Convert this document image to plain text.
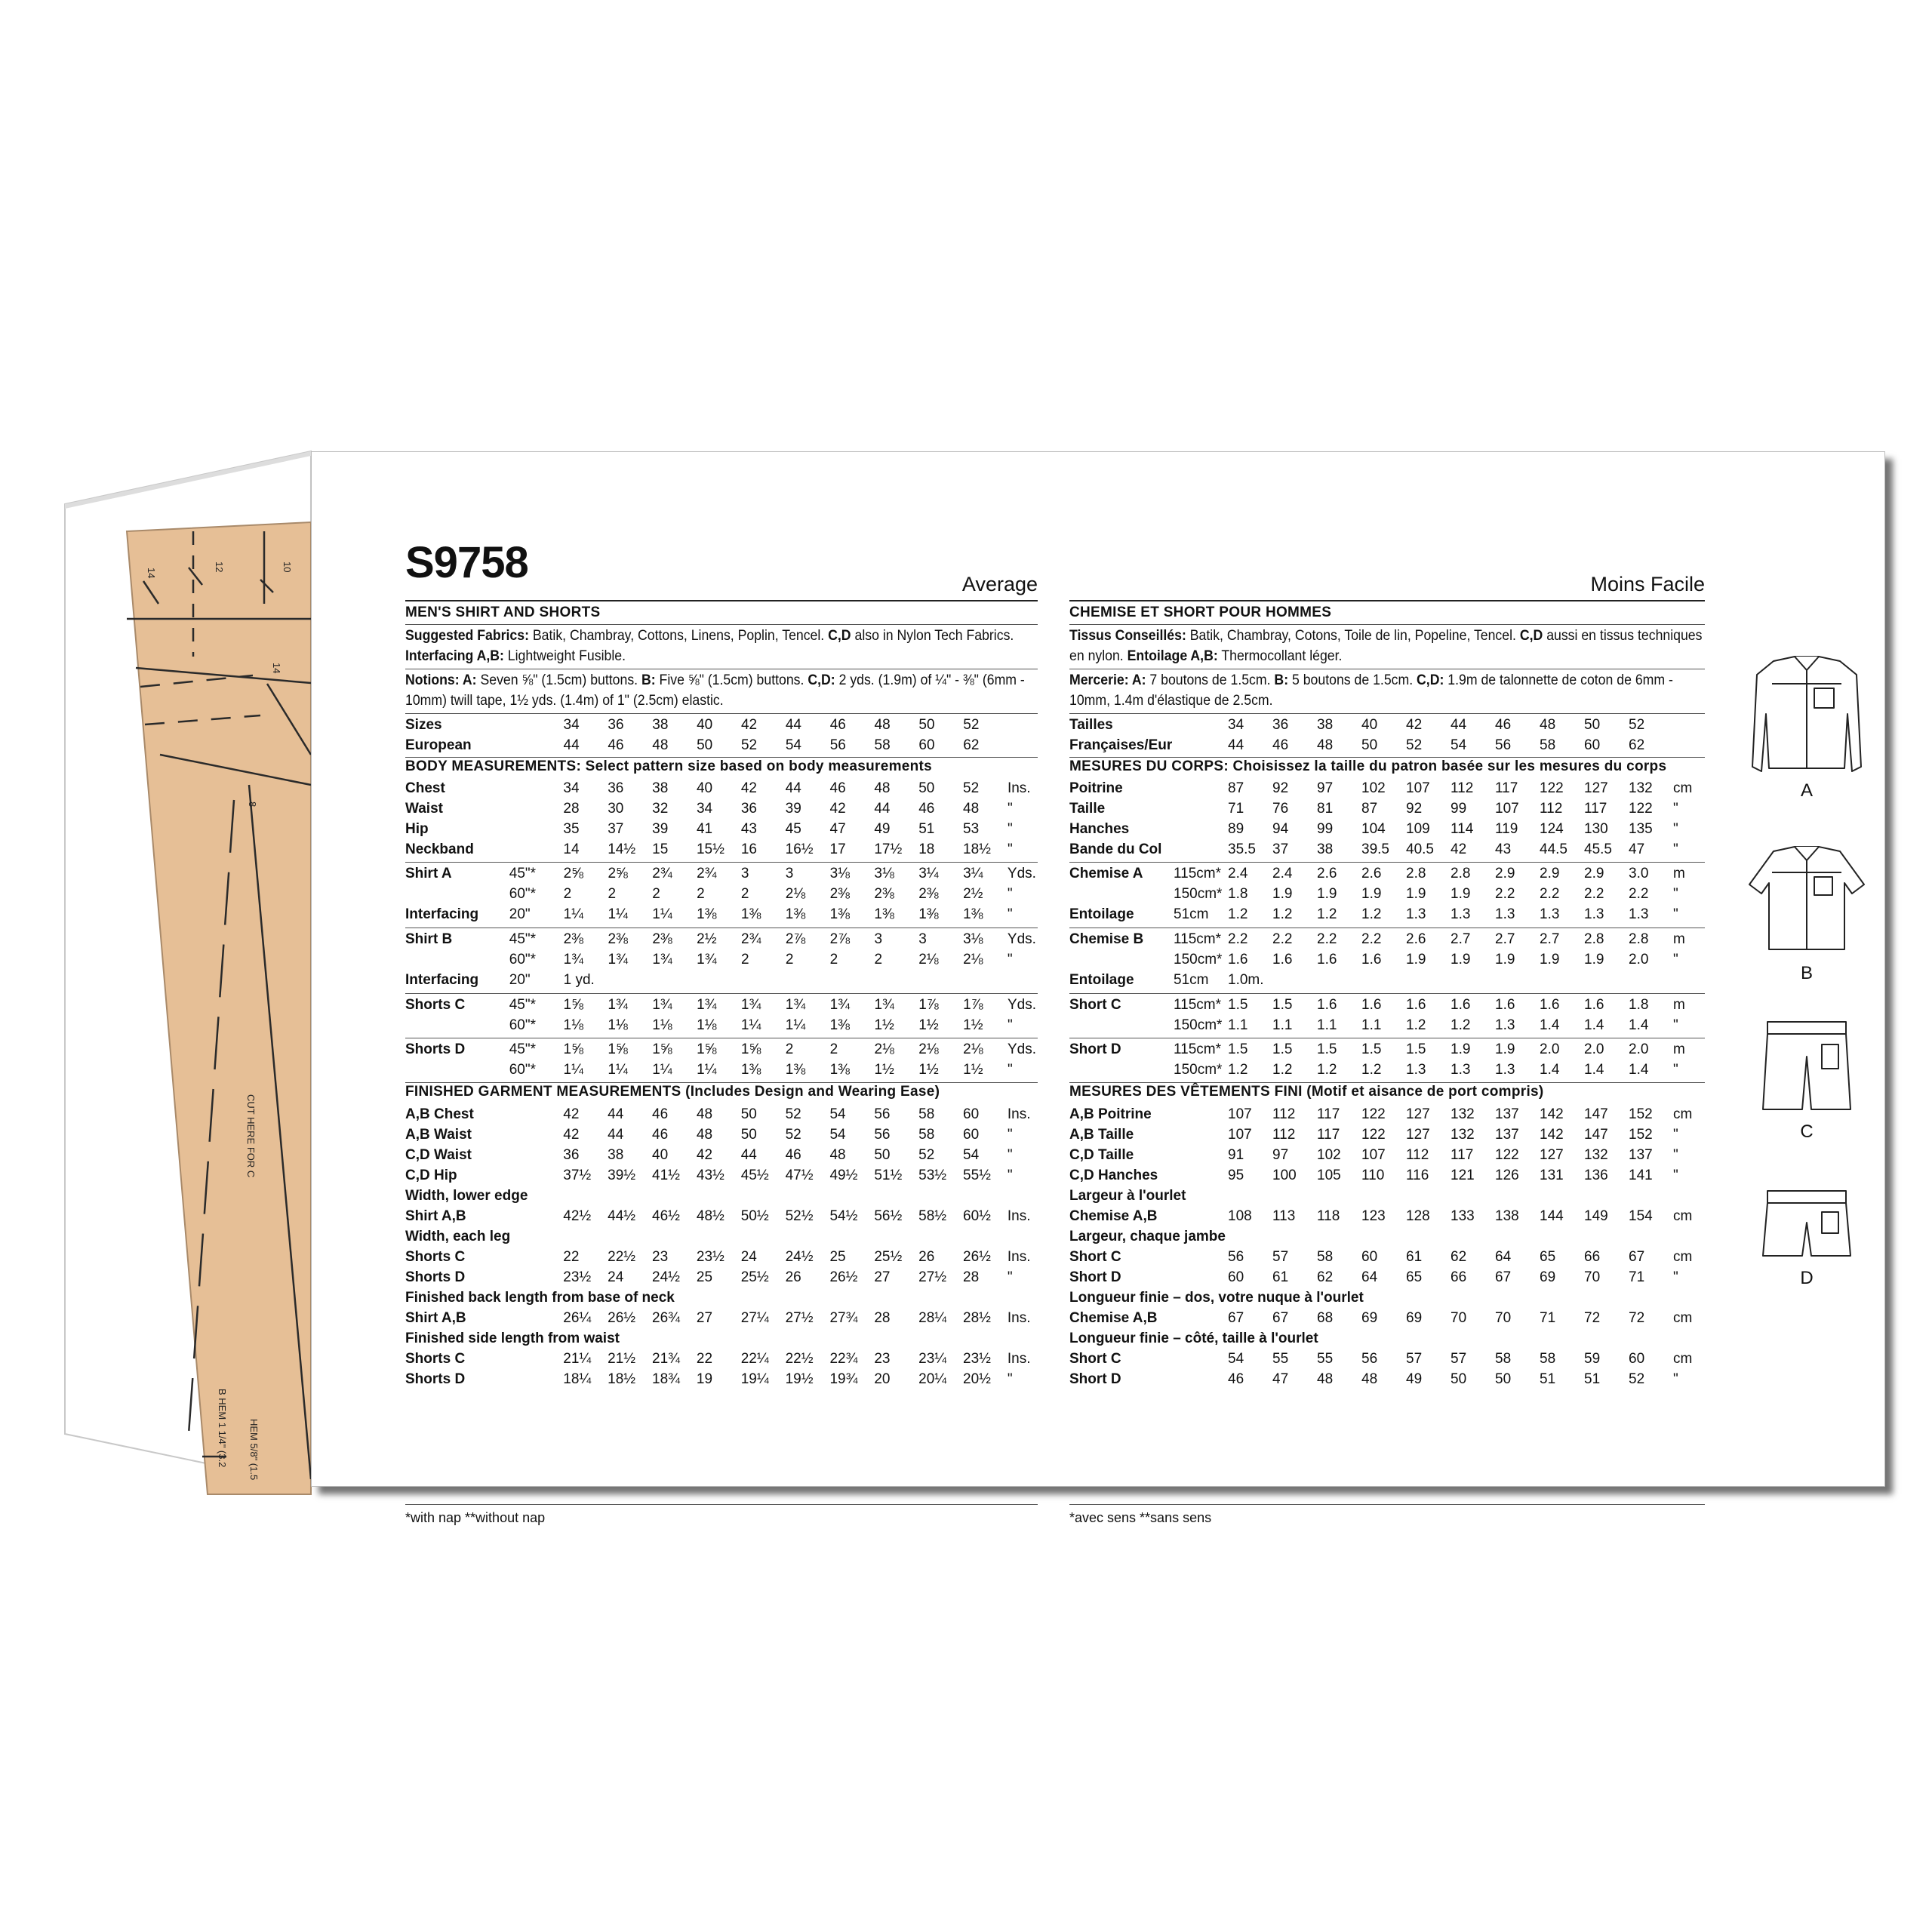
14
12	10
14
8
CUT HERE FOR C
B HEM 1 1/4" (3.2 HEM 5/8" (1.5
S9758	Average
MEN'S SHIRT AND SHORTS
Suggested Fabrics: Batik, Chambray, Cottons, Linens, Poplin, Tencel. C,D also in Nylon Tech Fabrics. Interfacing A,B: Lightweight Fusible.
Notions: A: Seven ⅝" (1.5cm) buttons. B: Five ⅝" (1.5cm) buttons. C,D: 2 yds. (1.9m) of ¼" - ⅜" (6mm - 10mm) twill tape, 1½ yds. (1.4m) of 1" (2.5cm) elastic.
Sizes		34	36	38	40	42	44	46	48	50	52	
European		44	46	48	50	52	54	56	58	60	62	
BODY MEASUREMENTS: Select pattern size based on body measurements
Chest		34	36	38	40	42	44	46	48	50	52	Ins.
Waist		28	30	32	34	36	39	42	44	46	48	"
Hip		35	37	39	41	43	45	47	49	51	53	"
Neckband		14	14½	15	15½	16	16½	17	17½	18	18½	"
Shirt A	45"*	2⅝	2⅝	2¾	2¾	3	3	3⅛	3⅛	3¼	3¼	Yds.
	60"*	2	2	2	2	2	2⅛	2⅜	2⅜	2⅜	2½	"
Interfacing	20"	1¼	1¼	1¼	1⅜	1⅜	1⅜	1⅜	1⅜	1⅜	1⅜	"
Shirt B	45"*	2⅜	2⅜	2⅜	2½	2¾	2⅞	2⅞	3	3	3⅛	Yds.
	60"*	1¾	1¾	1¾	1¾	2	2	2	2	2⅛	2⅛	"
Interfacing	20"	1 yd.										
Shorts C	45"*	1⅝	1¾	1¾	1¾	1¾	1¾	1¾	1¾	1⅞	1⅞	Yds.
	60"*	1⅛	1⅛	1⅛	1⅛	1¼	1¼	1⅜	1½	1½	1½	"
Shorts D	45"*	1⅝	1⅝	1⅝	1⅝	1⅝	2	2	2⅛	2⅛	2⅛	Yds.
	60"*	1¼	1¼	1¼	1¼	1⅜	1⅜	1⅜	1½	1½	1½	"
FINISHED GARMENT MEASUREMENTS (Includes Design and Wearing Ease)
A,B Chest		42	44	46	48	50	52	54	56	58	60	Ins.
A,B Waist		42	44	46	48	50	52	54	56	58	60	"
C,D Waist		36	38	40	42	44	46	48	50	52	54	"
C,D Hip		37½	39½	41½	43½	45½	47½	49½	51½	53½	55½	"
Width, lower edge												
Shirt A,B		42½	44½	46½	48½	50½	52½	54½	56½	58½	60½	Ins.
Width, each leg												
Shorts C		22	22½	23	23½	24	24½	25	25½	26	26½	Ins.
Shorts D		23½	24	24½	25	25½	26	26½	27	27½	28	"
Finished back length from base of neck												
Shirt A,B		26¼	26½	26¾	27	27¼	27½	27¾	28	28¼	28½	Ins.
Finished side length from waist												
Shorts C		21¼	21½	21¾	22	22¼	22½	22¾	23	23¼	23½	Ins.
Shorts D		18¼	18½	18¾	19	19¼	19½	19¾	20	20¼	20½	"
*with nap **without nap
Moins Facile
CHEMISE ET SHORT POUR HOMMES
Tissus Conseillés: Batik, Chambray, Cotons, Toile de lin, Popeline, Tencel. C,D aussi en tissus techniques en nylon. Entoilage A,B: Thermocollant léger.
Mercerie: A: 7 boutons de 1.5cm. B: 5 boutons de 1.5cm. C,D: 1.9m de talonnette de coton de 6mm - 10mm, 1.4m d'élastique de 2.5cm.
Tailles		34	36	38	40	42	44	46	48	50	52	
Françaises/Eur		44	46	48	50	52	54	56	58	60	62	
MESURES DU CORPS: Choisissez la taille du patron basée sur les mesures du corps
Poitrine		87	92	97	102	107	112	117	122	127	132	cm
Taille		71	76	81	87	92	99	107	112	117	122	"
Hanches		89	94	99	104	109	114	119	124	130	135	"
Bande du Col		35.5	37	38	39.5	40.5	42	43	44.5	45.5	47	"
Chemise A	115cm*	2.4	2.4	2.6	2.6	2.8	2.8	2.9	2.9	2.9	3.0	m
	150cm*	1.8	1.9	1.9	1.9	1.9	1.9	2.2	2.2	2.2	2.2	"
Entoilage	51cm	1.2	1.2	1.2	1.2	1.3	1.3	1.3	1.3	1.3	1.3	"
Chemise B	115cm*	2.2	2.2	2.2	2.2	2.6	2.7	2.7	2.7	2.8	2.8	m
	150cm*	1.6	1.6	1.6	1.6	1.9	1.9	1.9	1.9	1.9	2.0	"
Entoilage	51cm	1.0m.										
Short C	115cm*	1.5	1.5	1.6	1.6	1.6	1.6	1.6	1.6	1.6	1.8	m
	150cm*	1.1	1.1	1.1	1.1	1.2	1.2	1.3	1.4	1.4	1.4	"
Short D	115cm*	1.5	1.5	1.5	1.5	1.5	1.9	1.9	2.0	2.0	2.0	m
	150cm*	1.2	1.2	1.2	1.2	1.3	1.3	1.3	1.4	1.4	1.4	"
MESURES DES VÊTEMENTS FINI (Motif et aisance de port compris)
A,B Poitrine		107	112	117	122	127	132	137	142	147	152	cm
A,B Taille		107	112	117	122	127	132	137	142	147	152	"
C,D Taille		91	97	102	107	112	117	122	127	132	137	"
C,D Hanches		95	100	105	110	116	121	126	131	136	141	"
Largeur à l'ourlet												
Chemise A,B		108	113	118	123	128	133	138	144	149	154	cm
Largeur, chaque jambe												
Short C		56	57	58	60	61	62	64	65	66	67	cm
Short D		60	61	62	64	65	66	67	69	70	71	"
Longueur finie – dos, votre nuque à l'ourlet												
Chemise A,B		67	67	68	69	69	70	70	71	72	72	cm
Longueur finie – côté, taille à l'ourlet												
Short C		54	55	55	56	57	57	58	58	59	60	cm
Short D		46	47	48	48	49	50	50	51	51	52	"
*avec sens **sans sens
A
B
C
D
